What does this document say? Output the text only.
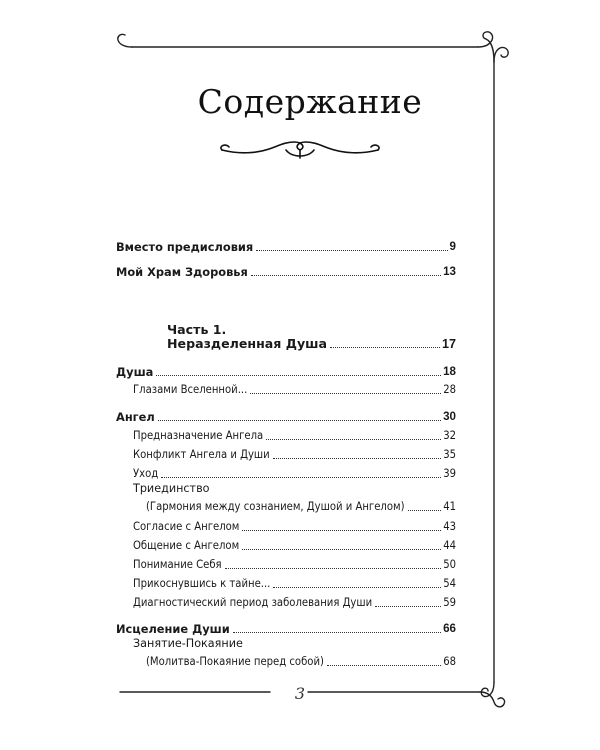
Содержание
Вместо предисловия	9
Мой Храм Здоровья	13
Часть 1.
Неразделенная Душа	17
Душа	18
Глазами Вселенной...	28
Ангел	30
Предназначение Ангела	32
Конфликт Ангела и Души	35
Уход	39
Триединство
(Гармония между сознанием, Душой и Ангелом)	41
Согласие с Ангелом	43
Общение с Ангелом	44
Понимание Себя	50
Прикоснувшись к тайне...	54
Диагностический период заболевания Души	59
Исцеление Души	66
Занятие-Покаяние
(Молитва-Покаяние перед собой)	68
3
